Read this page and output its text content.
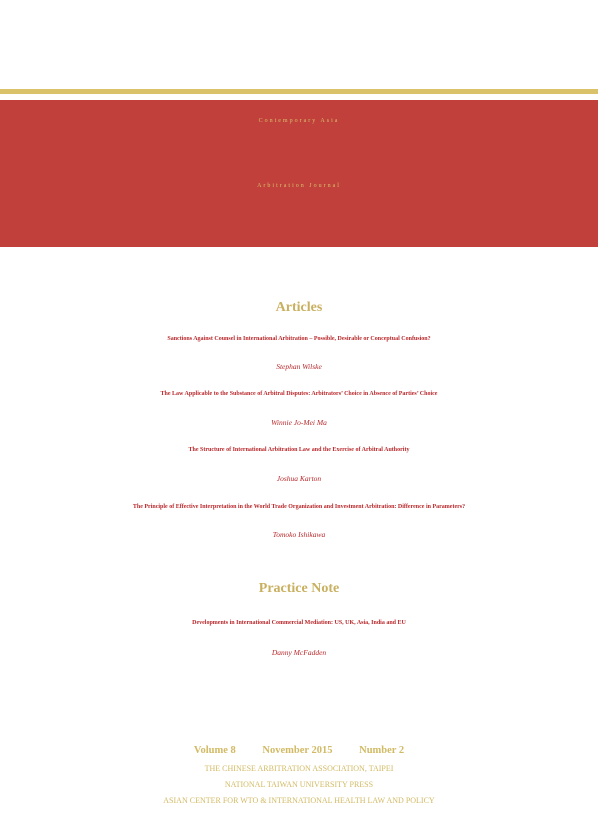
Contemporary Asia
Arbitration Journal
Articles
Sanctions Against Counsel in International Arbitration – Possible, Desirable or Conceptual Confusion?
Stephan Wilske
The Law Applicable to the Substance of Arbitral Disputes: Arbitrators’ Choice in Absence of Parties’ Choice
Winnie Jo-Mei Ma
The Structure of International Arbitration Law and the Exercise of Arbitral Authority
Joshua Karton
The Principle of Effective Interpretation in the World Trade Organization and Investment Arbitration: Difference in Parameters?
Tomoko Ishikawa
Practice Note
Developments in International Commercial Mediation: US, UK, Asia, India and EU
Danny McFadden
Volume 8	November 2015	Number 2
THE CHINESE ARBITRATION ASSOCIATION, TAIPEI
NATIONAL TAIWAN UNIVERSITY PRESS
ASIAN CENTER FOR WTO & INTERNATIONAL HEALTH LAW AND POLICY
